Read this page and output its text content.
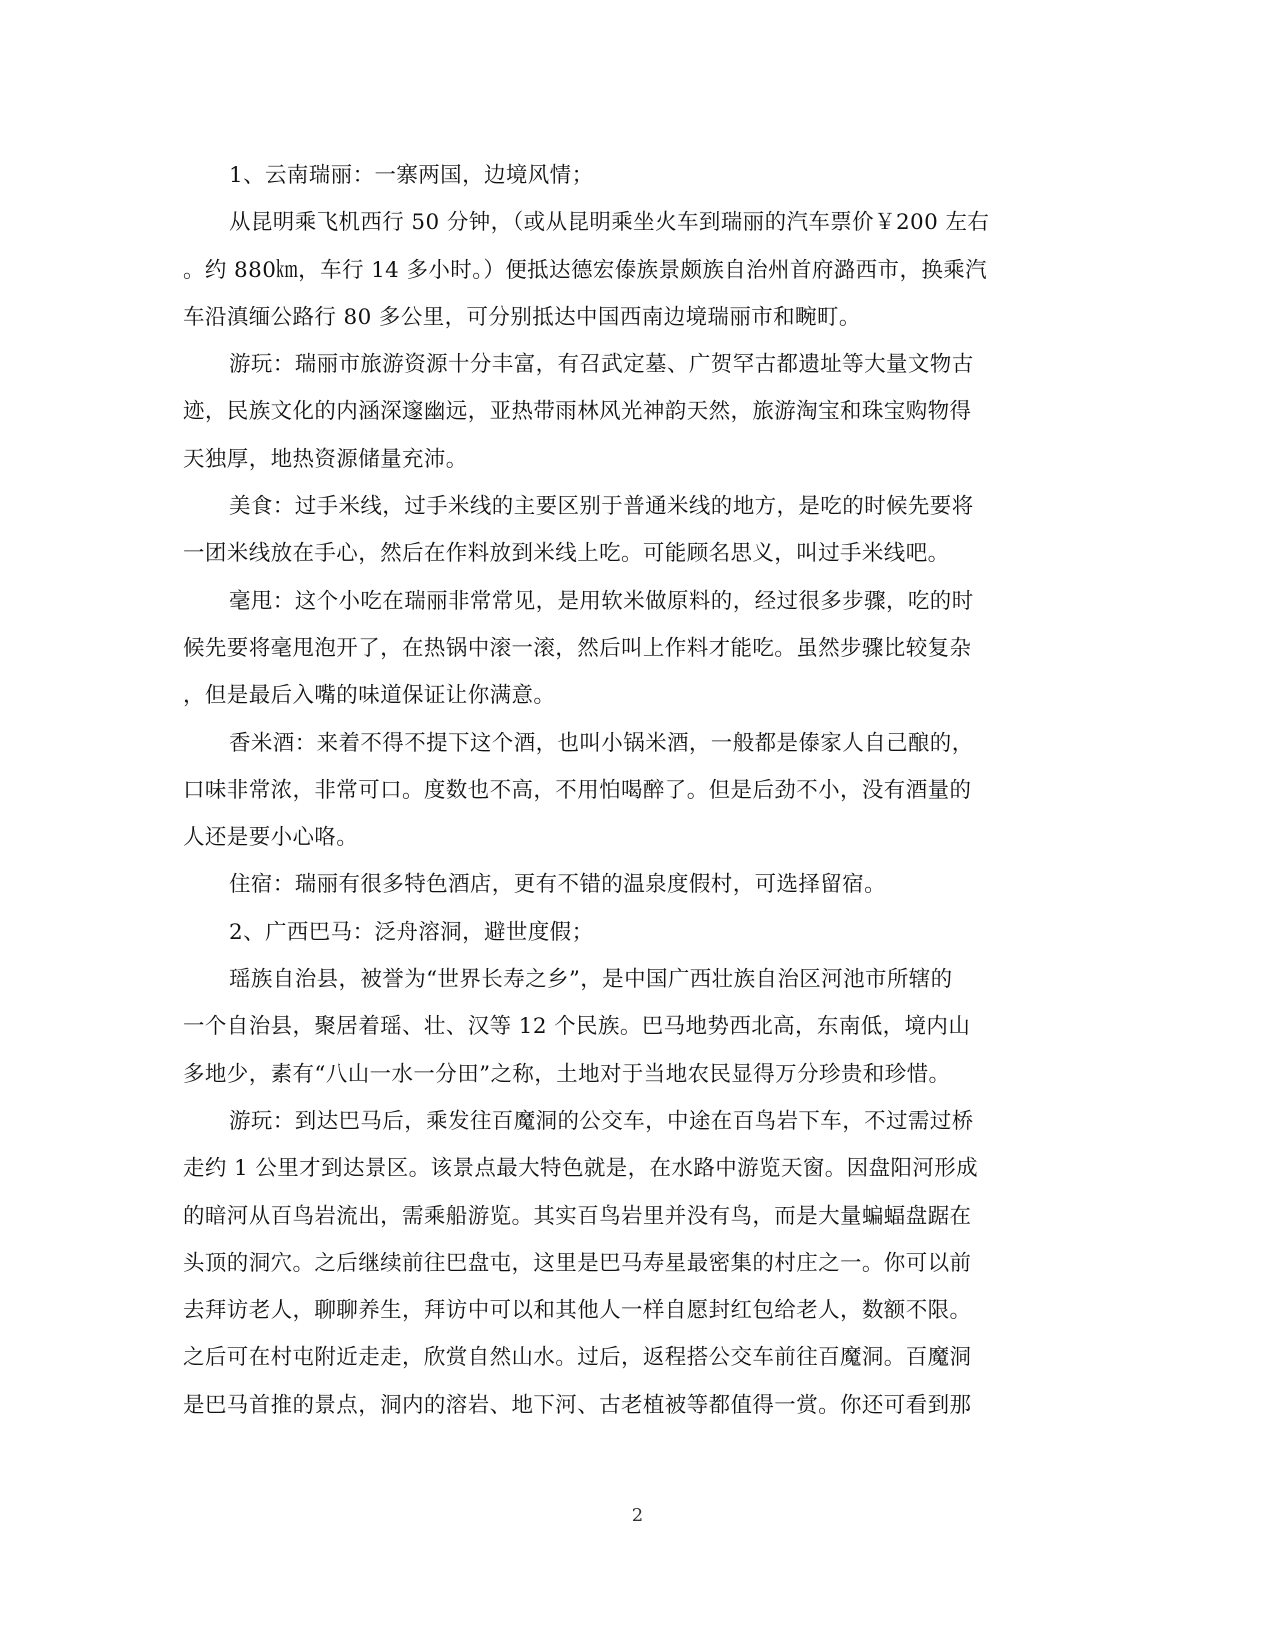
1、云南瑞丽：一寨两国，边境风情；
从昆明乘飞机西行 50 分钟，（或从昆明乘坐火车到瑞丽的汽车票价￥200 左右
。约 880㎞，车行 14 多小时。）便抵达德宏傣族景颇族自治州首府潞西市，换乘汽
车沿滇缅公路行 80 多公里，可分别抵达中国西南边境瑞丽市和畹町。
游玩：瑞丽市旅游资源十分丰富，有召武定墓、广贺罕古都遗址等大量文物古
迹，民族文化的内涵深邃幽远，亚热带雨林风光神韵天然，旅游淘宝和珠宝购物得
天独厚，地热资源储量充沛。
美食：过手米线，过手米线的主要区别于普通米线的地方，是吃的时候先要将
一团米线放在手心，然后在作料放到米线上吃。可能顾名思义，叫过手米线吧。
毫甩：这个小吃在瑞丽非常常见，是用软米做原料的，经过很多步骤，吃的时
候先要将毫甩泡开了，在热锅中滚一滚，然后叫上作料才能吃。虽然步骤比较复杂
，但是最后入嘴的味道保证让你满意。
香米酒：来着不得不提下这个酒，也叫小锅米酒，一般都是傣家人自己酿的，
口味非常浓，非常可口。度数也不高，不用怕喝醉了。但是后劲不小，没有酒量的
人还是要小心咯。
住宿：瑞丽有很多特色酒店，更有不错的温泉度假村，可选择留宿。
2、广西巴马：泛舟溶洞，避世度假；
瑶族自治县，被誉为“世界长寿之乡”，是中国广西壮族自治区河池市所辖的
一个自治县，聚居着瑶、壮、汉等 12 个民族。巴马地势西北高，东南低，境内山
多地少，素有“八山一水一分田”之称，土地对于当地农民显得万分珍贵和珍惜。
游玩：到达巴马后，乘发往百魔洞的公交车，中途在百鸟岩下车，不过需过桥
走约 1 公里才到达景区。该景点最大特色就是，在水路中游览天窗。因盘阳河形成
的暗河从百鸟岩流出，需乘船游览。其实百鸟岩里并没有鸟，而是大量蝙蝠盘踞在
头顶的洞穴。之后继续前往巴盘屯，这里是巴马寿星最密集的村庄之一。你可以前
去拜访老人，聊聊养生，拜访中可以和其他人一样自愿封红包给老人，数额不限。
之后可在村屯附近走走，欣赏自然山水。过后，返程搭公交车前往百魔洞。百魔洞
是巴马首推的景点，洞内的溶岩、地下河、古老植被等都值得一赏。你还可看到那
2
